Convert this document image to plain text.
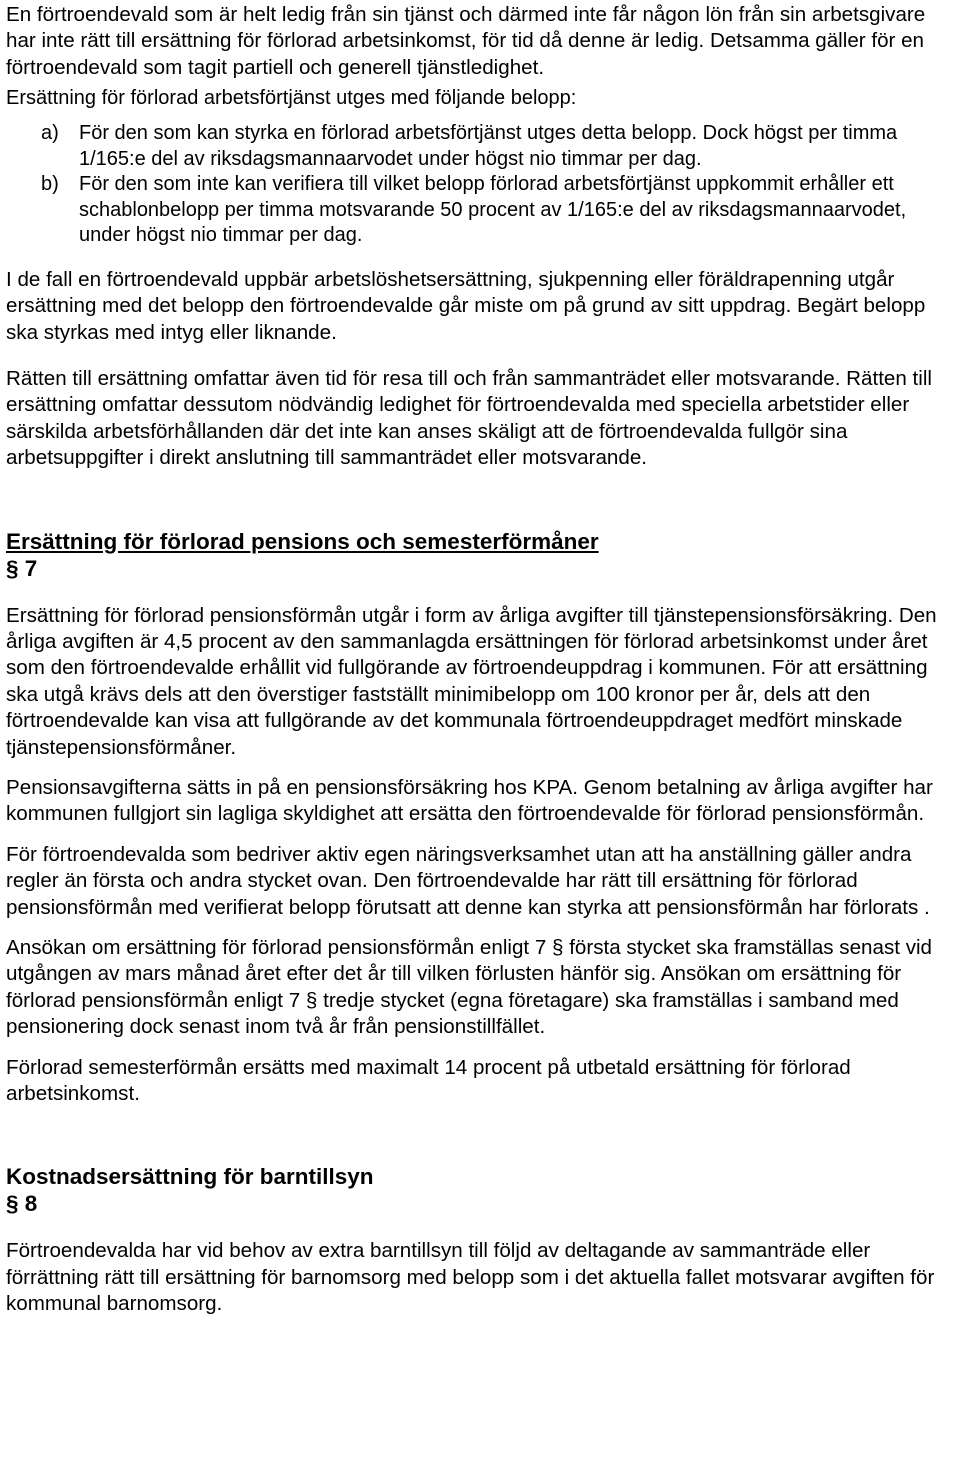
En förtroendevald som är helt ledig från sin tjänst och därmed inte får någon lön från sin arbetsgivare har inte rätt till ersättning för förlorad arbetsinkomst, för tid då denne är ledig. Detsamma gäller för en förtroendevald som tagit partiell och generell tjänstledighet.

Ersättning för förlorad arbetsförtjänst utges med följande belopp:

a) För den som kan styrka en förlorad arbetsförtjänst utges detta belopp. Dock högst per timma 1/165:e del av riksdagsmannaarvodet under högst nio timmar per dag.
b) För den som inte kan verifiera till vilket belopp förlorad arbetsförtjänst uppkommit erhåller ett schablonbelopp per timma motsvarande 50 procent av 1/165:e del av riksdagsmannaarvodet, under högst nio timmar per dag.

I de fall en förtroendevald uppbär arbetslöshetsersättning, sjukpenning eller föräldrapenning utgår ersättning med det belopp den förtroendevalde går miste om på grund av sitt uppdrag. Begärt belopp ska styrkas med intyg eller liknande.

Rätten till ersättning omfattar även tid för resa till och från sammanträdet eller motsvarande. Rätten till ersättning omfattar dessutom nödvändig ledighet för förtroendevalda med speciella arbetstider eller särskilda arbetsförhållanden där det inte kan anses skäligt att de förtroendevalda fullgör sina arbetsuppgifter i direkt anslutning till sammanträdet eller motsvarande.

Ersättning för förlorad pensions och semesterförmåner
§ 7

Ersättning för förlorad pensionsförmån utgår i form av årliga avgifter till tjänstepensionsförsäkring. Den årliga avgiften är 4,5 procent av den sammanlagda ersättningen för förlorad arbetsinkomst under året som den förtroendevalde erhållit vid fullgörande av förtroendeuppdrag i kommunen. För att ersättning ska utgå krävs dels att den överstiger fastställt minimibelopp om 100 kronor per år, dels att den förtroendevalde kan visa att fullgörande av det kommunala förtroendeuppdraget medfört minskade tjänstepensionsförmåner.

Pensionsavgifterna sätts in på en pensionsförsäkring hos KPA. Genom betalning av årliga avgifter har kommunen fullgjort sin lagliga skyldighet att ersätta den förtroendevalde för förlorad pensionsförmån.

För förtroendevalda som bedriver aktiv egen näringsverksamhet utan att ha anställning gäller andra regler än första och andra stycket ovan. Den förtroendevalde har rätt till ersättning för förlorad pensionsförmån med verifierat belopp förutsatt att denne kan styrka att pensionsförmån har förlorats .

Ansökan om ersättning för förlorad pensionsförmån enligt 7 § första stycket ska framställas senast vid utgången av mars månad året efter det år till vilken förlusten hänför sig. Ansökan om ersättning för förlorad pensionsförmån enligt 7 § tredje stycket (egna företagare) ska framställas i samband med pensionering dock senast inom två år från pensionstillfället.

Förlorad semesterförmån ersätts med maximalt 14 procent på utbetald ersättning för förlorad arbetsinkomst.

Kostnadsersättning för barntillsyn
§ 8

Förtroendevalda har vid behov av extra barntillsyn till följd av deltagande av sammanträde eller förrättning rätt till ersättning för barnomsorg med belopp som i det aktuella fallet motsvarar avgiften för kommunal barnomsorg.
